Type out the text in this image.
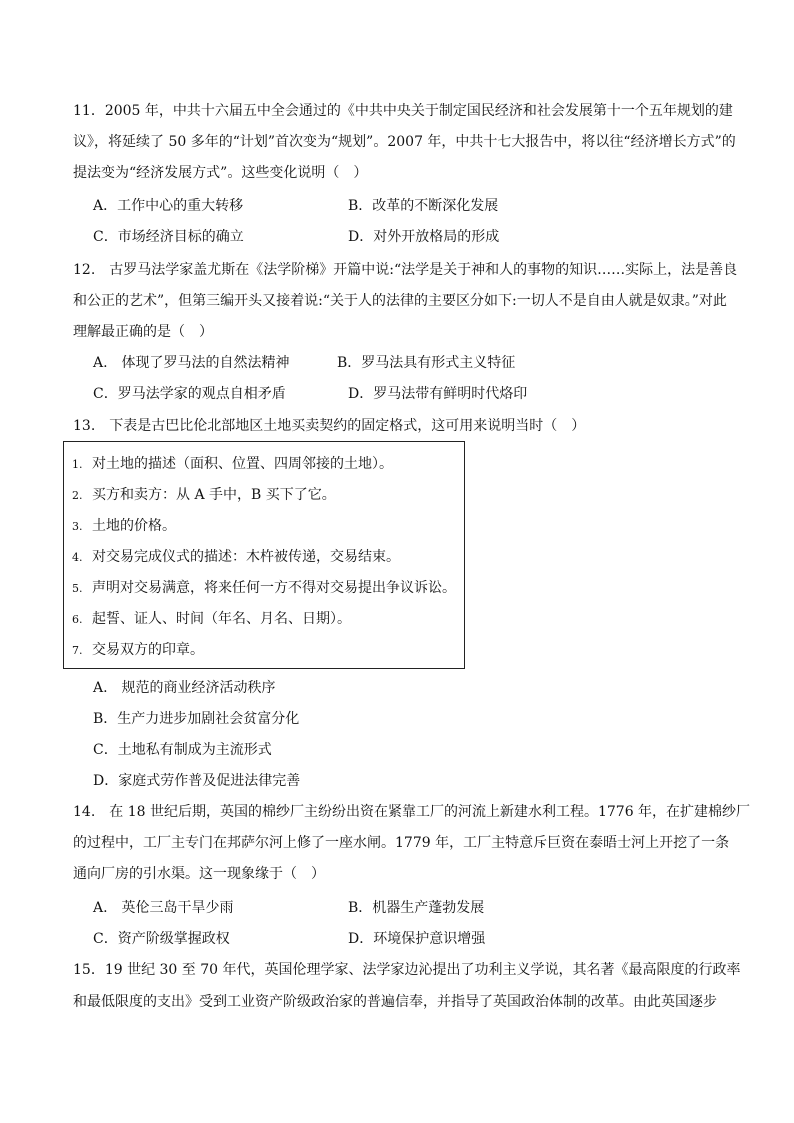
11．2005 年，中共十六届五中全会通过的《中共中央关于制定国民经济和社会发展第十一个五年规划的建
议》，将延续了 50 多年的“计划”首次变为“规划”。2007 年，中共十七大报告中，将以往“经济增长方式”的
提法变为“经济发展方式”。这些变化说明（　）
A．工作中心的重大转移	B．改革的不断深化发展
C．市场经济目标的确立	D．对外开放格局的形成
12.　古罗马法学家盖尤斯在《法学阶梯》开篇中说:“法学是关于神和人的事物的知识……实际上，法是善良
和公正的艺术”，但第三编开头又接着说:“关于人的法律的主要区分如下:一切人不是自由人就是奴隶。”对此
理解最正确的是（　）
A.　体现了罗马法的自然法精神	B．罗马法具有形式主义特征
C．罗马法学家的观点自相矛盾	D．罗马法带有鲜明时代烙印
13.　下表是古巴比伦北部地区土地买卖契约的固定格式，这可用来说明当时（　）
1. 对土地的描述（面积、位置、四周邻接的土地）。
2. 买方和卖方：从 A 手中，B 买下了它。
3. 土地的价格。
4. 对交易完成仪式的描述：木杵被传递，交易结束。
5. 声明对交易满意，将来任何一方不得对交易提出争议诉讼。
6. 起誓、证人、时间（年名、月名、日期）。
7. 交易双方的印章。
A.　规范的商业经济活动秩序
B．生产力进步加剧社会贫富分化
C．土地私有制成为主流形式
D．家庭式劳作普及促进法律完善
14.　在 18 世纪后期，英国的棉纱厂主纷纷出资在紧靠工厂的河流上新建水利工程。1776 年，在扩建棉纱厂
的过程中，工厂主专门在邦萨尔河上修了一座水闸。1779 年，工厂主特意斥巨资在泰晤士河上开挖了一条
通向厂房的引水渠。这一现象缘于（　）
A.　英伦三岛干旱少雨	B．机器生产蓬勃发展
C．资产阶级掌握政权	D．环境保护意识增强
15．19 世纪 30 至 70 年代，英国伦理学家、法学家边沁提出了功利主义学说，其名著《最高限度的行政率
和最低限度的支出》受到工业资产阶级政治家的普遍信奉，并指导了英国政治体制的改革。由此英国逐步
